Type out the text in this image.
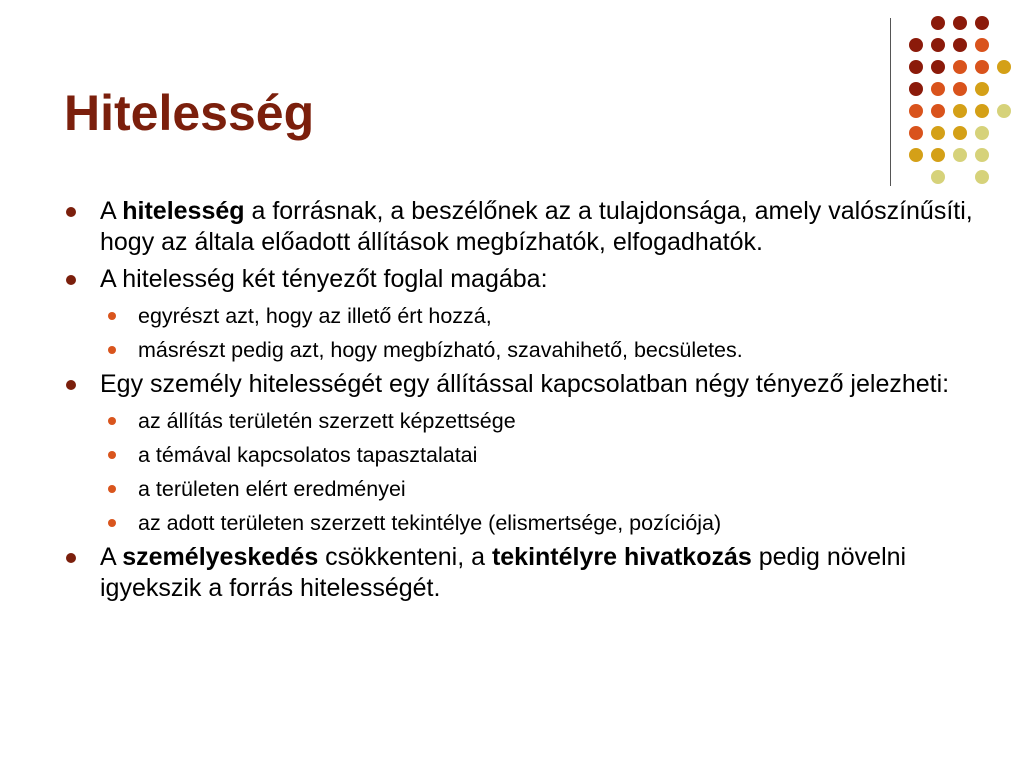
Hitelesség
A hitelesség a forrásnak, a beszélőnek az a tulajdonsága, amely valószínűsíti, hogy az általa előadott állítások megbízhatók, elfogadhatók.
A hitelesség két tényezőt foglal magába:
egyrészt azt, hogy az illető ért hozzá,
másrészt pedig azt, hogy megbízható, szavahihető, becsületes.
Egy személy hitelességét egy állítással kapcsolatban négy tényező jelezheti:
az állítás területén szerzett képzettsége
a témával kapcsolatos tapasztalatai
a területen elért eredményei
az adott területen szerzett tekintélye (elismertsége, pozíciója)
A személyeskedés csökkenteni, a tekintélyre hivatkozás pedig növelni igyekszik a forrás hitelességét.
